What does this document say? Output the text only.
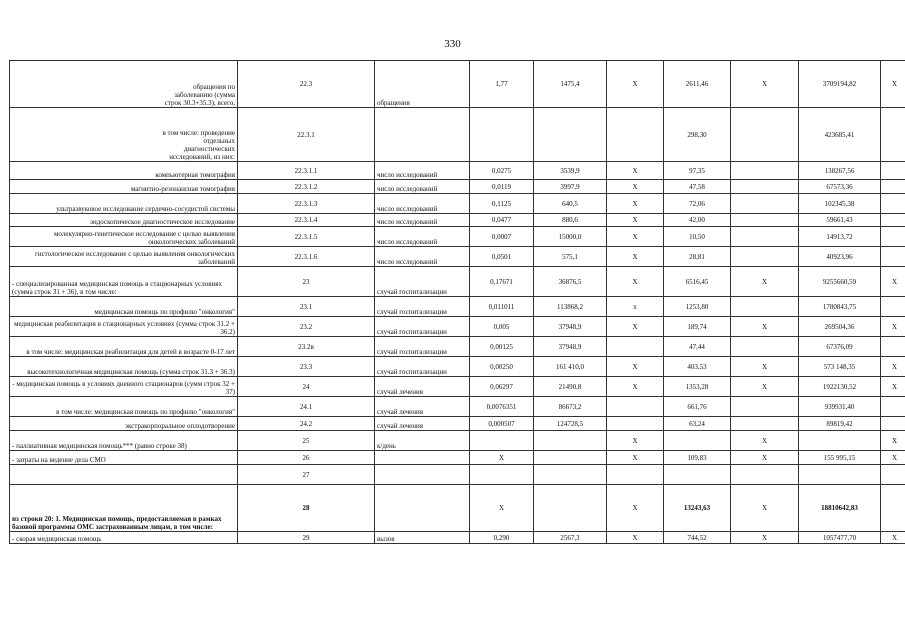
330
обращения по заболеванию (сумма строк 30.3+35.3), всего,	22.3	обращения	1,77	1475,4	X	2611,46	X	3709194,82	X
в том числе: проведение отдельных диагностических исследований, из них:	22.3.1					298,30		423685,41	
компьютерная томография	22.3.1.1	число исследований	0,0275	3539,9	X	97,35		138267,56	
магнитно-резонансная томография	22.3.1.2	число исследований	0,0119	3997,9	X	47,58		67573,36	
ультразвуковое исследование сердечно-сосудистой системы	22.3.1.3	число исследований	0,1125	640,5	X	72,06		102345,38	
эндоскопическое диагностическое исследование	22.3.1.4	число исследований	0,0477	880,6	X	42,00		59661,43	
молекулярно-генетическое исследование с целью выявления онкологических заболеваний	22.3.1.5	число исследований	0,0007	15000,0	X	10,50		14913,72	
гистологическое исследование с целью выявления онкологических заболеваний	22.3.1.6	число исследований	0,0501	575,1	X	28,81		40923,96	
- специализированная медицинская помощь в стационарных условиях (сумма строк 31 + 36), в том числе:	23	случай госпитализации	0,17671	36876,5	X	6516,45	X	9255660,59	X
медицинская помощь по профилю "онкология"	23.1	случай госпитализации	0,011011	113868,2	x	1253,80		1780843,75	
медицинская реабилитация в стационарных условиях (сумма строк 31.2 + 36.2)	23.2	случай госпитализации	0,005	37948,9	X	189,74	X	269504,36	X
в том числе: медицинская реабилитация для детей в возрасте 0-17 лет	23.2в	случай госпитализации	0,00125	37948,9		47,44		67376,09	
высокотехнологичная медицинская помощь (сумма строк 31.3 + 36.3)	23.3	случай госпитализации	0,00250	161 410,0	X	403,53	X	573 148,35	X
- медицинская помощь в условиях дневного стационаров (сумм строк 32 + 37)	24	случай лечения	0,06297	21490,8	X	1353,28	X	1922130,52	X
в том числе: медицинская помощь по профилю "онкология"	24.1	случай лечения	0,0076351	86673,2		661,76		939931,40	
экстракорпоральное оплодотворение	24.2	случай лечения	0,000507	124728,5		63,24		89819,42	
- паллиативная медицинская помощь*** (равно строке 38)	25	к/день			X		X		X
- затраты на ведение дела СМО	26		X		X	109,83	X	155 995,15	X
	27								
из строки 20: 1. Медицинская помощь, предоставляемая в рамках базовой программы ОМС застрахованным лицам, в том числе:	28		X		X	13243,63	X	18810642,83	
- скорая медицинская помощь	29	вызов	0,290	2567,3	X	744,52	X	1057477,70	X
